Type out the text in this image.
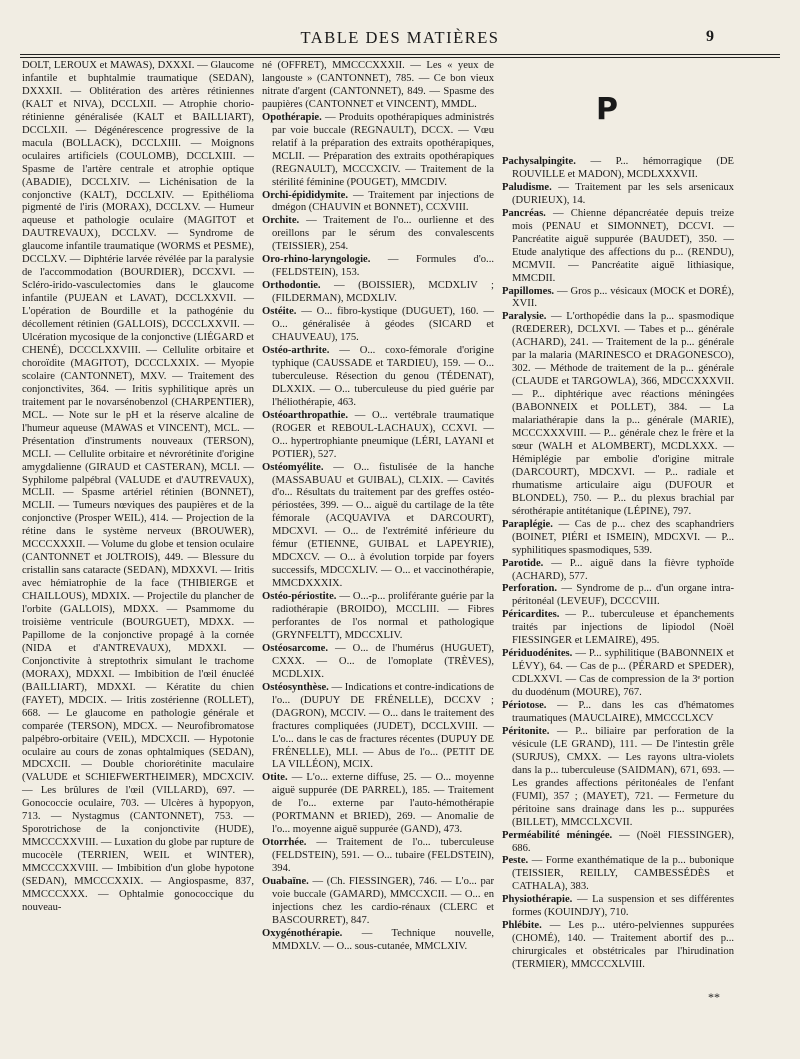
TABLE DES MATIÈRES	9

DOLT, LEROUX et MAWAS), DXXXI. — Glaucome infantile et buphtalmie traumatique (SEDAN), DXXXII. — Oblitération des artères rétiniennes (KALT et NIVA), DCCLXII. — Atrophie chorio-rétinienne généralisée (KALT et BAILLIART), DCCLXII. — Dégénérescence progressive de la macula (BOLLACK), DCCLXIII. — Moignons oculaires artificiels (COULOMB), DCCLXIII. — Spasme de l'artère centrale et atrophie optique (ABADIE), DCCLXIV. — Lichénisation de la conjonctive (KALT), DCCLXIV. — Epithélioma pigmenté de l'iris (MORAX), DCCLXV. — Humeur aqueuse et pathologie oculaire (MAGITOT et DAUTREVAUX), DCCLXV. — Syndrome de glaucome infantile traumatique (WORMS et PESME), DCCLXV. — Diphtérie larvée révélée par la paralysie de l'accommodation (BOURDIER), DCCXVI. — Scléro-irido-vasculectomies dans le glaucome infantile (PUJEAN et LAVAT), DCCLXXVII. — L'opération de Bourdille et la pathogénie du décollement rétinien (GALLOIS), DCCCLXXVII. — Ulcération mycosique de la conjonctive (LIÉGARD et CHENÉ), DCCCLXXVIII. — Cellulite orbitaire et choroïdite (MAGITOT), DCCCLXXIX. — Myopie scolaire (CANTONNET), MXV. — Traitement des conjonctivites, 364. — Iritis syphilitique après un traitement par le novarsénobenzol (CHARPENTIER), MCL. — Note sur le pH et la réserve alcaline de l'humeur aqueuse (MAWAS et VINCENT), MCL. — Présentation d'instruments nouveaux (TERSON), MCLI. — Cellulite orbitaire et névrorétinite d'origine amygdalienne (GIRAUD et CASTERAN), MCLI. — Syphilome palpébral (VALUDE et d'AUTREVAUX), MCLII. — Spasme artériel rétinien (BONNET), MCLII. — Tumeurs nœviques des paupières et de la conjonctive (Prosper WEIL), 414. — Projection de la rétine dans le système nerveux (BROUWER), MCCCXXXII. — Volume du globe et tension oculaire (CANTONNET et JOLTROIS), 449. — Blessure du cristallin sans cataracte (SEDAN), MDXXVI. — Iritis avec hémiatrophie de la face (THIBIERGE et CHAILLOUS), MDXIX. — Projectile du plancher de l'orbite (GALLOIS), MDXX. — Psammome du troisième ventricule (BOURGUET), MDXX. — Papillome de la conjonctive propagé à la cornée (NIDA et d'ANTREVAUX), MDXXI. — Conjonctivite à streptothrix simulant le trachome (MORAX), MDXXI. — Imbibition de l'œil énucléé (BAILLIART), MDXXI. — Kératite du chien (FAYET), MDCIX. — Iritis zostérienne (ROLLET), 668. — Le glaucome en pathologie générale et comparée (TERSON), MDCX. — Neurofibromatose palpébro-orbitaire (VEIL), MDCXCII. — Hypotonie oculaire au cours de zonas ophtalmiques (SEDAN), MDCXCII. — Double choriorétinite maculaire (VALUDE et SCHIEFWERTHEIMER), MDCXCIV. — Les brûlures de l'œil (VILLARD), 697. — Gonococcie oculaire, 703. — Ulcères à hypopyon, 713. — Nystagmus (CANTONNET), 753. — Sporotrichose de la conjonctivite (HUDE), MMCCCXXVIII. — Luxation du globe par rupture de mucocèle (TERRIEN, WEIL et WINTER), MMCCCXXVIII. — Imbibition d'un globe hypotone (SEDAN), MMCCCXXIX. — Angiospasme, 837, MMCCCXXX. — Ophtalmie gonococcique du nouveau-

né (OFFRET), MMCCCXXXII. — Les « yeux de langouste » (CANTONNET), 785. — Ce bon vieux nitrate d'argent (CANTONNET), 849. — Spasme des paupières (CANTONNET et VINCENT), MMDL.

Opothérapie. — Produits opothérapiques administrés par voie buccale (REGNAULT), DCCX. — Vœu relatif à la préparation des extraits opothérapiques, MCLII. — Préparation des extraits opothérapiques (REGNAULT), MCCCXCIV. — Traitement de la stérilité féminine (POUGET), MMCDIV.

Orchi-épididymite. — Traitement par injections de dmégon (CHAUVIN et BONNET), CCXVIII.

Orchite. — Traitement de l'o... ourlienne et des oreillons par le sérum des convalescents (TEISSIER), 254.

Oro-rhino-laryngologie. — Formules d'o... (FELDSTEIN), 153.

Orthodontie. — (BOISSIER), MCDXLIV ; (FILDERMAN), MCDXLIV.

Ostéite. — O... fibro-kystique (DUGUET), 160. — O... généralisée à géodes (SICARD et CHAUVEAU), 175.

Ostéo-arthrite. — O... coxo-fémorale d'origine typhique (CAUSSADE et TARDIEU), 159. — O... tuberculeuse. Résection du genou (TÉDENAT), DLXXIX. — O... tuberculeuse du pied guérie par l'héliothérapie, 463.

Ostéoarthropathie. — O... vertébrale traumatique (ROGER et REBOUL-LACHAUX), CCXVI. — O... hypertrophiante pneumique (LÉRI, LAYANI et POTIER), 527.

Ostéomyélite. — O... fistulisée de la hanche (MASSABUAU et GUIBAL), CLXIX. — Cavités d'o... Résultats du traitement par des greffes ostéo-périostées, 399. — O... aiguë du cartilage de la tête fémorale (ACQUAVIVA et DARCOURT), MDCXVI. — O... de l'extrémité inférieure du fémur (ETIENNE, GUIBAL et LAPEYRIE), MDCXCV. — O... à évolution torpide par foyers successifs, MDCCXLIV. — O... et vaccinothérapie, MMCDXXXIX.

Ostéo-périostite. — O...-p... proliférante guérie par la radiothérapie (BROIDO), MCCLIII. — Fibres perforantes de l'os normal et pathologique (GRYNFELTT), MDCCXLIV.

Ostéosarcome. — O... de l'humérus (HUGUET), CXXX. — O... de l'omoplate (TRÈVES), MCDLXIX.

Ostéosynthèse. — Indications et contre-indications de l'o... (DUPUY DE FRÉNELLE), DCCXV ; (DAGRON), MCCIV. — O... dans le traitement des fractures compliquées (JUDET), DCCLXVIII. — L'o... dans le cas de fractures récentes (DUPUY DE FRÉNELLE), MLI. — Abus de l'o... (PETIT DE LA VILLÉON), MCIX.

Otite. — L'o... externe diffuse, 25. — O... moyenne aiguë suppurée (DE PARREL), 185. — Traitement de l'o... externe par l'auto-hémothérapie (PORTMANN et BRIED), 269. — Anomalie de l'o... moyenne aiguë suppurée (GAND), 473.

Otorrhée. — Traitement de l'o... tuberculeuse (FELDSTEIN), 591. — O... tubaire (FELDSTEIN), 394.

Ouabaïne. — (Ch. FIESSINGER), 746. — L'o... par voie buccale (GAMARD), MMCCXCII. — O... en injections chez les cardio-rénaux (CLERC et BASCOURRET), 847.

Oxygénothérapie. — Technique nouvelle, MMDXLV. — O... sous-cutanée, MMCLXIV.

P

Pachysalpingite. — P... hémorragique (DE ROUVILLE et MADON), MCDLXXXVII.

Paludisme. — Traitement par les sels arsenicaux (DURIEUX), 14.

Pancréas. — Chienne dépancréatée depuis treize mois (PENAU et SIMONNET), DCCVI. — Pancréatite aiguë suppurée (BAUDET), 350. — Etude analytique des affections du p... (RENDU), MCMVII. — Pancréatite aiguë lithiasique, MMCDII.

Papillomes. — Gros p... vésicaux (MOCK et DORÉ), XVII.

Paralysie. — L'orthopédie dans la p... spasmodique (RŒDERER), DCLXVI. — Tabes et p... générale (ACHARD), 241. — Traitement de la p... générale par la malaria (MARINESCO et DRAGONESCO), 302. — Méthode de traitement de la p... générale (CLAUDE et TARGOWLA), 366, MDCCXXXVII. — P... diphtérique avec réactions méningées (BABONNEIX et POLLET), 384. — La malariathérapie dans la p... générale (MARIE), MCCCXXXVIII. — P... générale chez le frère et la sœur (WALH et ALOMBERT), MCDLXXX. — Hémiplégie par embolie d'origine mitrale (DARCOURT), MDCXVI. — P... radiale et rhumatisme articulaire aigu (DUFOUR et BLONDEL), 750. — P... du plexus brachial par sérothérapie antitétanique (LÉPINE), 797.

Paraplégie. — Cas de p... chez des scaphandriers (BOINET, PIÉRI et ISMEIN), MDCXVI. — P... syphilitiques spasmodiques, 539.

Parotide. — P... aiguë dans la fièvre typhoïde (ACHARD), 577.

Perforation. — Syndrome de p... d'un organe intra-péritonéal (LEVEUF), DCCCVIII.

Péricardites. — P... tuberculeuse et épanchements traités par injections de lipiodol (Noël FIESSINGER et LEMAIRE), 495.

Périduodénites. — P... syphilitique (BABONNEIX et LÉVY), 64. — Cas de p... (PÉRARD et SPEDER), CDLXXVI. — Cas de compression de la 3ᵉ portion du duodénum (MOURE), 767.

Périotose. — P... dans les cas d'hématomes traumatiques (MAUCLAIRE), MMCCCLXCV

Péritonite. — P... biliaire par perforation de la vésicule (LE GRAND), 111. — De l'intestin grêle (SURJUS), CMXX. — Les rayons ultra-violets dans la p... tuberculeuse (SAIDMAN), 671, 693. — Les grandes affections péritonéales de l'enfant (FUMI), 357 ; (MAYET), 721. — Fermeture du péritoine sans drainage dans les p... suppurées (BILLET), MMCCLXCVII.

Perméabilité méningée. — (Noël FIESSINGER), 686.

Peste. — Forme exanthématique de la p... bubonique (TEISSIER, REILLY, CAMBESSÉDÈS et CATHALA), 383.

Physiothérapie. — La suspension et ses différentes formes (KOUINDJY), 710.

Phlébite. — Les p... utéro-pelviennes suppurées (CHOMÉ), 140. — Traitement abortif des p... chirurgicales et obstétricales par l'hirudination (TERMIER), MMCCCXLVIII.

**
